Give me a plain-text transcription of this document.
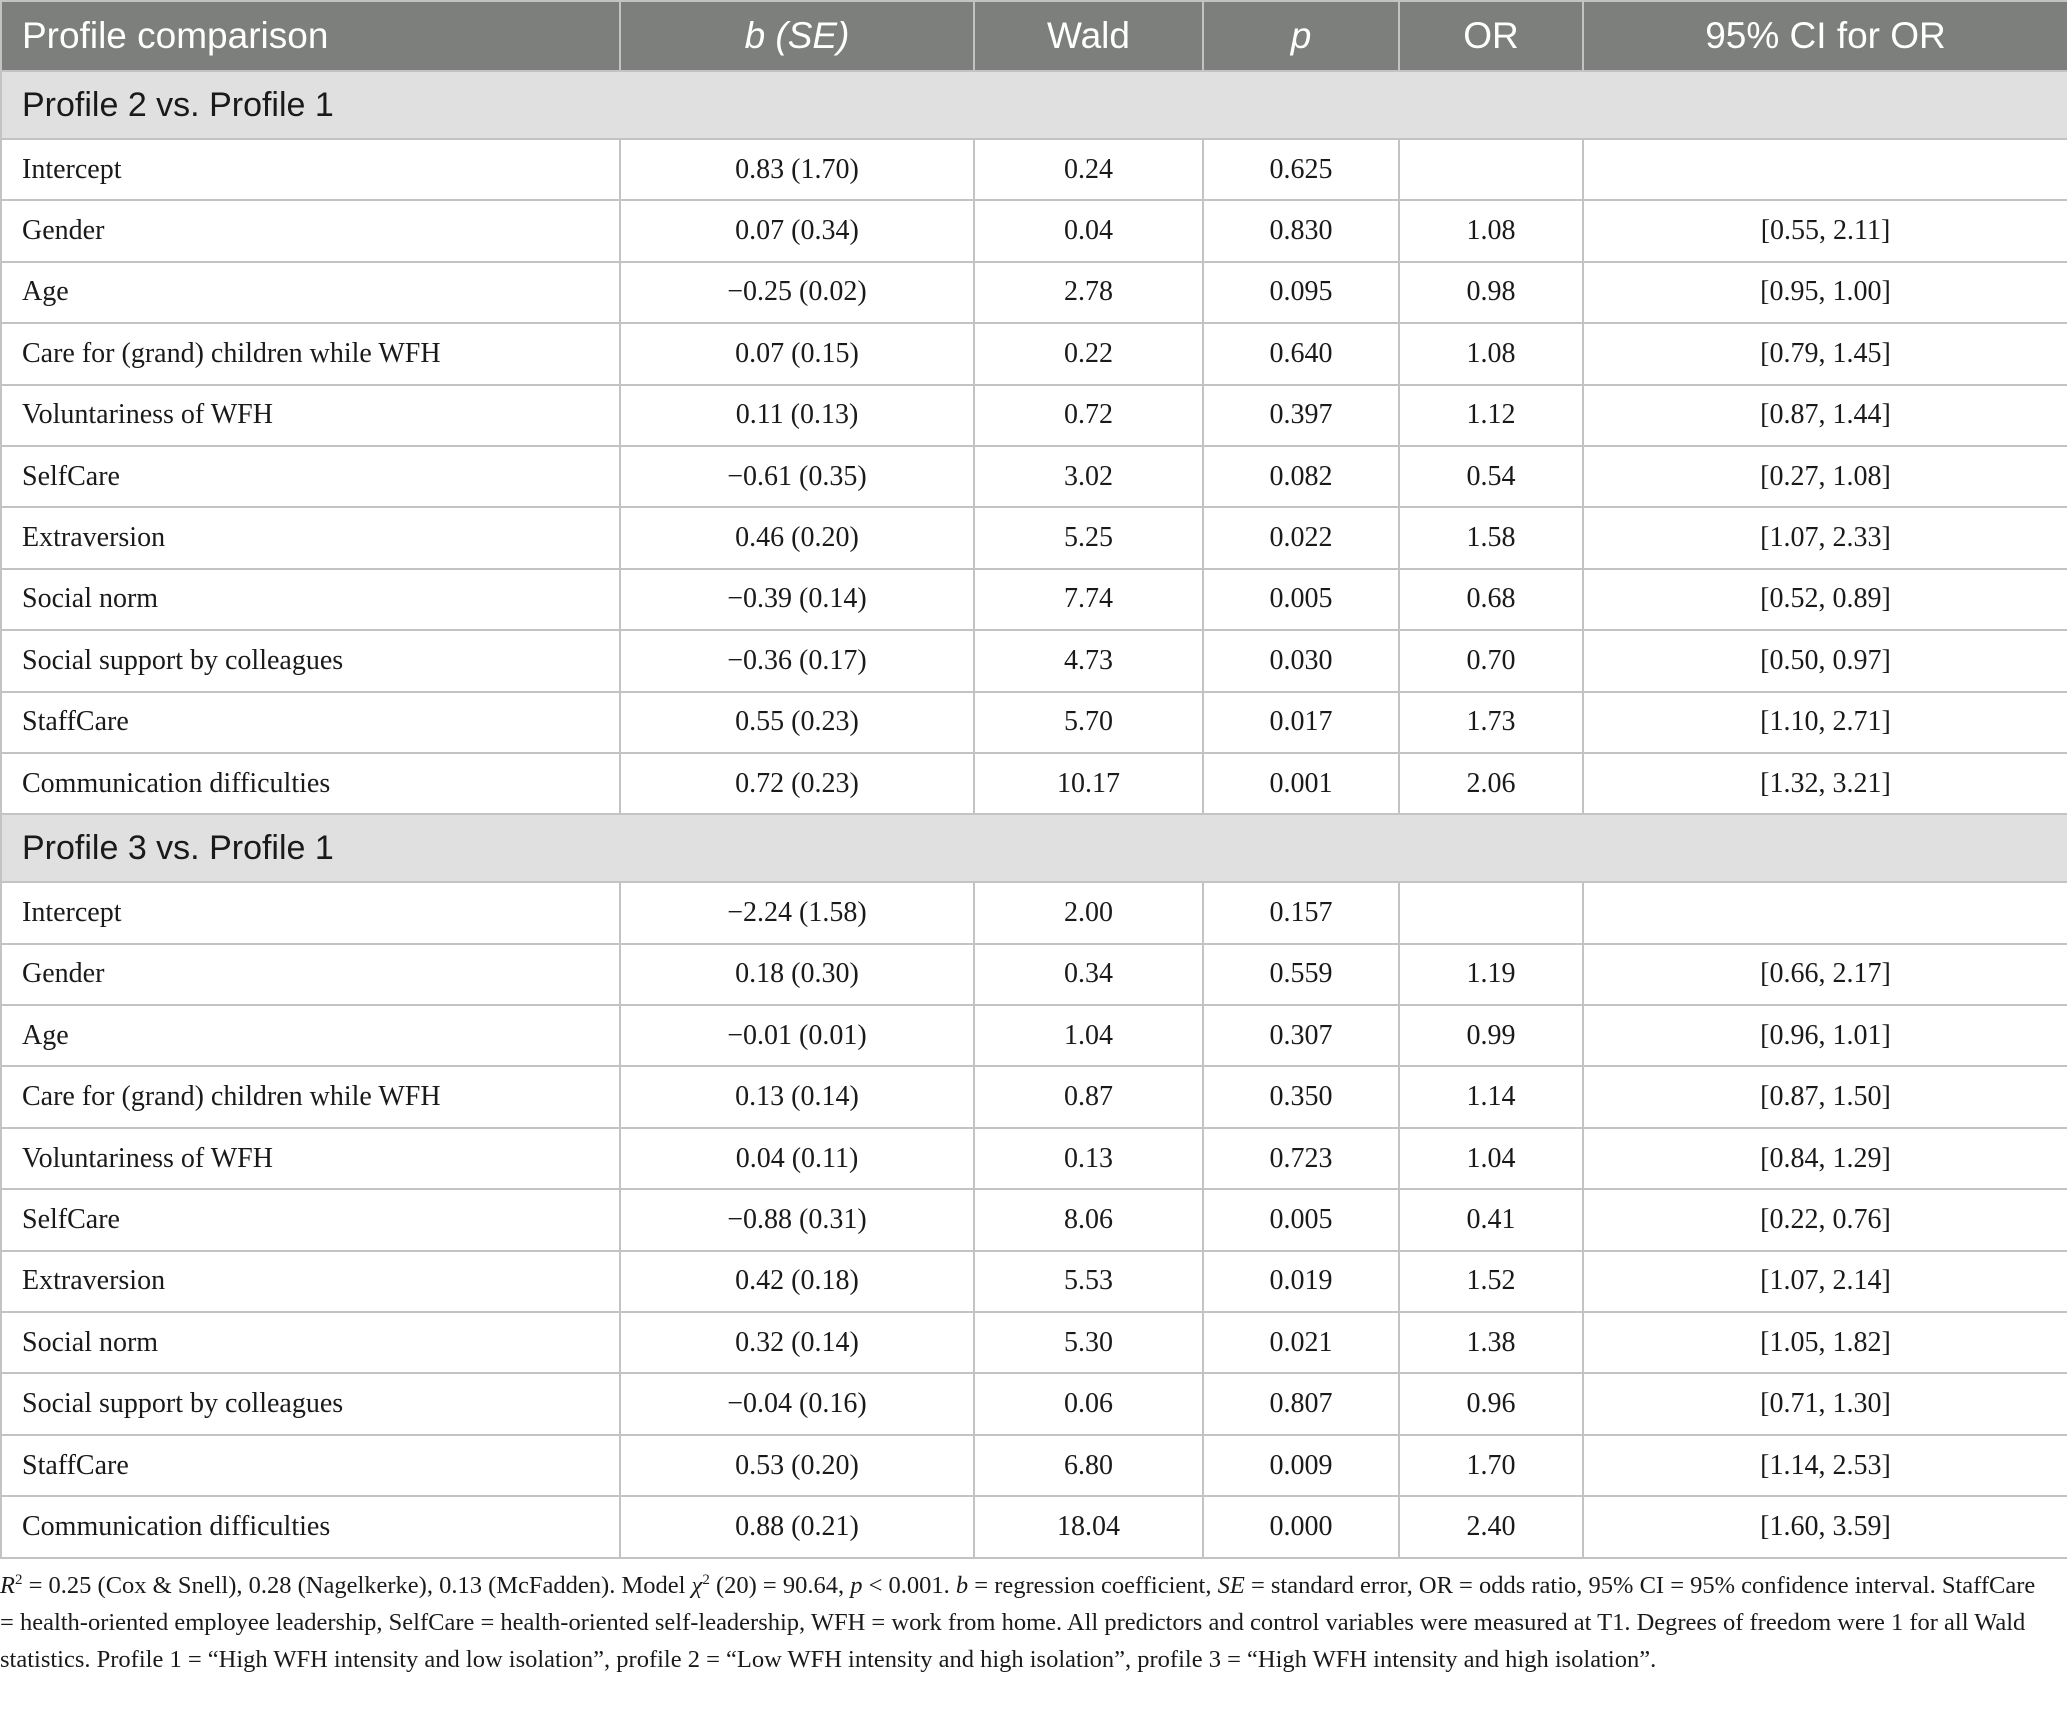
Profile comparison	b (SE)	Wald	p	OR	95% CI for OR
Profile 2 vs. Profile 1					
Intercept	0.83 (1.70)	0.24	0.625		
Gender	0.07 (0.34)	0.04	0.830	1.08	[0.55, 2.11]
Age	−0.25 (0.02)	2.78	0.095	0.98	[0.95, 1.00]
Care for (grand) children while WFH	0.07 (0.15)	0.22	0.640	1.08	[0.79, 1.45]
Voluntariness of WFH	0.11 (0.13)	0.72	0.397	1.12	[0.87, 1.44]
SelfCare	−0.61 (0.35)	3.02	0.082	0.54	[0.27, 1.08]
Extraversion	0.46 (0.20)	5.25	0.022	1.58	[1.07, 2.33]
Social norm	−0.39 (0.14)	7.74	0.005	0.68	[0.52, 0.89]
Social support by colleagues	−0.36 (0.17)	4.73	0.030	0.70	[0.50, 0.97]
StaffCare	0.55 (0.23)	5.70	0.017	1.73	[1.10, 2.71]
Communication difficulties	0.72 (0.23)	10.17	0.001	2.06	[1.32, 3.21]
Profile 3 vs. Profile 1					
Intercept	−2.24 (1.58)	2.00	0.157		
Gender	0.18 (0.30)	0.34	0.559	1.19	[0.66, 2.17]
Age	−0.01 (0.01)	1.04	0.307	0.99	[0.96, 1.01]
Care for (grand) children while WFH	0.13 (0.14)	0.87	0.350	1.14	[0.87, 1.50]
Voluntariness of WFH	0.04 (0.11)	0.13	0.723	1.04	[0.84, 1.29]
SelfCare	−0.88 (0.31)	8.06	0.005	0.41	[0.22, 0.76]
Extraversion	0.42 (0.18)	5.53	0.019	1.52	[1.07, 2.14]
Social norm	0.32 (0.14)	5.30	0.021	1.38	[1.05, 1.82]
Social support by colleagues	−0.04 (0.16)	0.06	0.807	0.96	[0.71, 1.30]
StaffCare	0.53 (0.20)	6.80	0.009	1.70	[1.14, 2.53]
Communication difficulties	0.88 (0.21)	18.04	0.000	2.40	[1.60, 3.59]
$R^2 = 0.25$ (Cox & Snell), 0.28 (Nagelkerke), 0.13 (McFadden). Model $\chi^2$ (20) = 90.64, p < 0.001. b = regression coefficient, SE = standard error, OR = odds ratio, 95% CI = 95% confidence interval. StaffCare = health-oriented employee leadership, SelfCare = health-oriented self-leadership, WFH = work from home. All predictors and control variables were measured at T1. Degrees of freedom were 1 for all Wald statistics. Profile 1 = “High WFH intensity and low isolation”, profile 2 = “Low WFH intensity and high isolation”, profile 3 = “High WFH intensity and high isolation”.
